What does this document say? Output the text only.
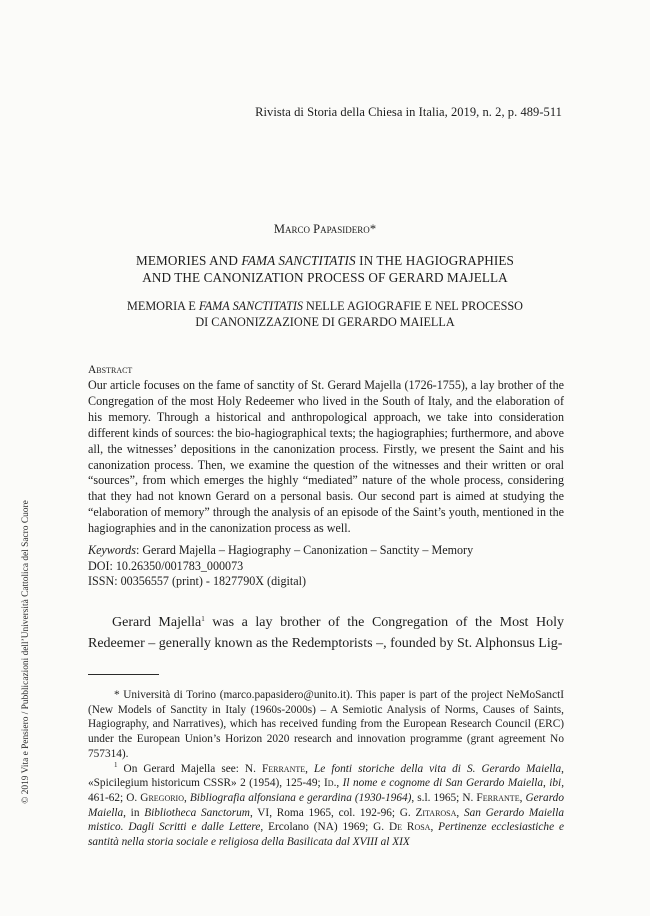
Rivista di Storia della Chiesa in Italia, 2019, n. 2, p. 489-511
Marco Papasidero*
MEMORIES AND FAMA SANCTITATIS IN THE HAGIOGRAPHIES
AND THE CANONIZATION PROCESS OF GERARD MAJELLA
MEMORIA E FAMA SANCTITATIS NELLE AGIOGRAFIE E NEL PROCESSO
DI CANONIZZAZIONE DI GERARDO MAIELLA
Abstract
Our article focuses on the fame of sanctity of St. Gerard Majella (1726-1755), a lay brother of the Congregation of the most Holy Redeemer who lived in the South of Italy, and the elaboration of his memory. Through a historical and anthropological approach, we take into consideration different kinds of sources: the bio-hagiographical texts; the hagiographies; furthermore, and above all, the witnesses’ depositions in the canonization process. Firstly, we present the Saint and his canonization process. Then, we examine the question of the witnesses and their written or oral “sources”, from which emerges the highly “mediated” nature of the whole process, considering that they had not known Gerard on a personal basis. Our second part is aimed at studying the “elaboration of memory” through the analysis of an episode of the Saint’s youth, mentioned in the hagiographies and in the canonization process as well.
Keywords: Gerard Majella – Hagiography – Canonization – Sanctity – Memory
DOI: 10.26350/001783_000073
ISSN: 00356557 (print) - 1827790X (digital)
Gerard Majella$^1$ was a lay brother of the Congregation of the Most Holy Redeemer – generally known as the Redemptorists –, founded by St. Alphonsus Lig-

* Università di Torino (marco.papasidero@unito.it). This paper is part of the project NeMoSanctI (New Models of Sanctity in Italy (1960s-2000s) – A Semiotic Analysis of Norms, Causes of Saints, Hagiography, and Narratives), which has received funding from the European Research Council (ERC) under the European Union’s Horizon 2020 research and innovation programme (grant agreement No 757314).

$^1$ On Gerard Majella see: N. Ferrante, Le fonti storiche della vita di S. Gerardo Maiella, «Spicilegium historicum CSSR» 2 (1954), 125-49; Id., Il nome e cognome di San Gerardo Maiella, ibi, 461-62; O. Gregorio, Bibliografia alfonsiana e gerardina (1930-1964), s.l. 1965; N. Ferrante, Gerardo Maiella, in Bibliotheca Sanctorum, VI, Roma 1965, col. 192-96; G. Zitarosa, San Gerardo Maiella mistico. Dagli Scritti e dalle Lettere, Ercolano (NA) 1969; G. De Rosa, Pertinenze ecclesiastiche e santità nella storia sociale e religiosa della Basilicata dal XVIII al XIX

© 2019 Vita e Pensiero / Pubblicazioni dell’Università Cattolica del Sacro Cuore
